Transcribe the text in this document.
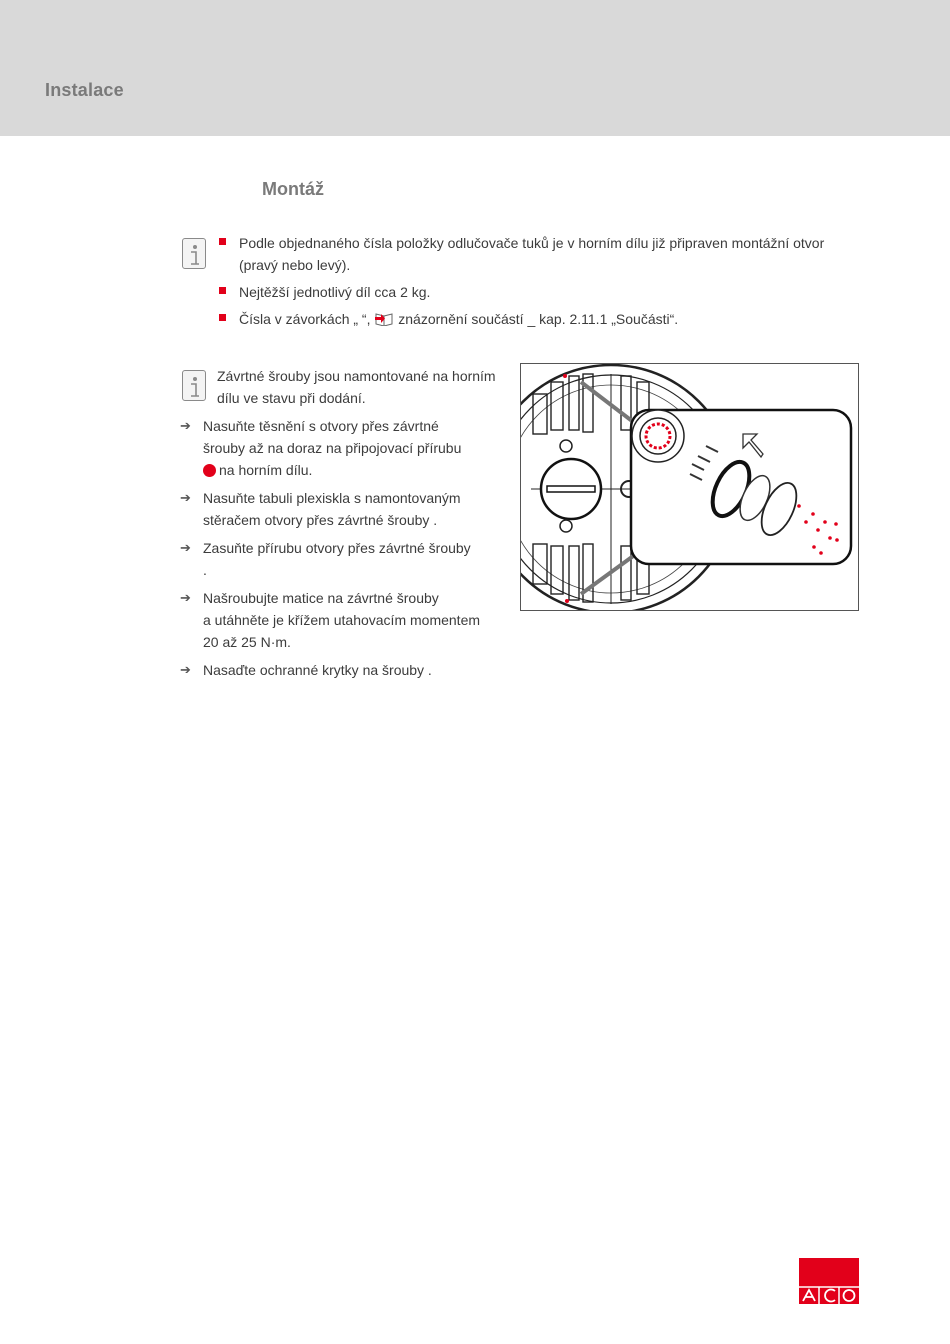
Instalace
Montáž
Podle objednaného čísla položky odlučovače tuků je v horním dílu již připraven montážní otvor (pravý nebo levý).
Nejtěžší jednotlivý díl cca 2 kg.
Čísla v závorkách „ “,  znázornění součástí _ kap. 2.11.1 „Součásti“.
Závrtné šrouby jsou namontované na horním dílu ve stavu při dodání.
➔ Nasuňte těsnění s otvory přes závrtné
šrouby až na doraz na připojovací přírubu
na horním dílu.
➔ Nasuňte tabuli plexiskla s namontovaným
stěračem otvory přes závrtné šrouby .
➔ Zasuňte přírubu otvory přes závrtné šrouby
.
➔ Našroubujte matice na závrtné šrouby
a utáhněte je křížem utahovacím momentem
20 až 25 N·m.
➔ Nasaďte ochranné krytky na šrouby .
